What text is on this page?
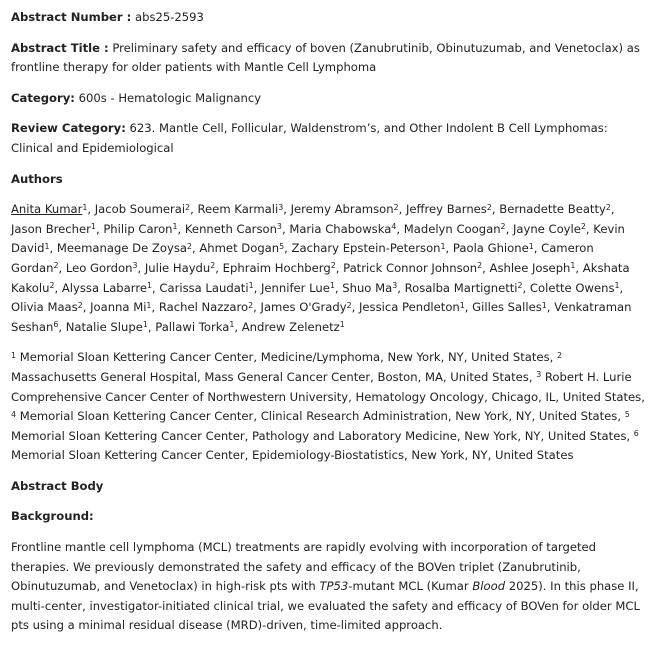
Abstract Number : abs25-2593
Abstract Title : Preliminary safety and efficacy of boven (Zanubrutinib, Obinutuzumab, and Venetoclax) as frontline therapy for older patients with Mantle Cell Lymphoma
Category: 600s - Hematologic Malignancy
Review Category: 623. Mantle Cell, Follicular, Waldenstrom’s, and Other Indolent B Cell Lymphomas: Clinical and Epidemiological
Authors
Anita Kumar$^1$, Jacob Soumerai$^2$, Reem Karmali$^3$, Jeremy Abramson$^2$, Jeffrey Barnes$^2$, Bernadette Beatty$^2$, Jason Brecher$^1$, Philip Caron$^1$, Kenneth Carson$^3$, Maria Chabowska$^4$, Madelyn Coogan$^2$, Jayne Coyle$^2$, Kevin David$^1$, Meemanage De Zoysa$^2$, Ahmet Dogan$^5$, Zachary Epstein-Peterson$^1$, Paola Ghione$^1$, Cameron Gordan$^2$, Leo Gordon$^3$, Julie Haydu$^2$, Ephraim Hochberg$^2$, Patrick Connor Johnson$^2$, Ashlee Joseph$^1$, Akshata Kakolu$^2$, Alyssa Labarre$^1$, Carissa Laudati$^1$, Jennifer Lue$^1$, Shuo Ma$^3$, Rosalba Martignetti$^2$, Colette Owens$^1$, Olivia Maas$^2$, Joanna Mi$^1$, Rachel Nazzaro$^2$, James O'Grady$^2$, Jessica Pendleton$^1$, Gilles Salles$^1$, Venkatraman Seshan$^6$, Natalie Slupe$^1$, Pallawi Torka$^1$, Andrew Zelenetz$^1$
$^1$ Memorial Sloan Kettering Cancer Center, Medicine/Lymphoma, New York, NY, United States, $^2$ Massachusetts General Hospital, Mass General Cancer Center, Boston, MA, United States, $^3$ Robert H. Lurie Comprehensive Cancer Center of Northwestern University, Hematology Oncology, Chicago, IL, United States, $^4$ Memorial Sloan Kettering Cancer Center, Clinical Research Administration, New York, NY, United States, $^5$ Memorial Sloan Kettering Cancer Center, Pathology and Laboratory Medicine, New York, NY, United States, $^6$ Memorial Sloan Kettering Cancer Center, Epidemiology-Biostatistics, New York, NY, United States
Abstract Body
Background:

Frontline mantle cell lymphoma (MCL) treatments are rapidly evolving with incorporation of targeted therapies. We previously demonstrated the safety and efficacy of the BOVen triplet (Zanubrutinib, Obinutuzumab, and Venetoclax) in high-risk pts with TP53-mutant MCL (Kumar Blood 2025). In this phase II, multi-center, investigator-initiated clinical trial, we evaluated the safety and efficacy of BOVen for older MCL pts using a minimal residual disease (MRD)-driven, time-limited approach.
